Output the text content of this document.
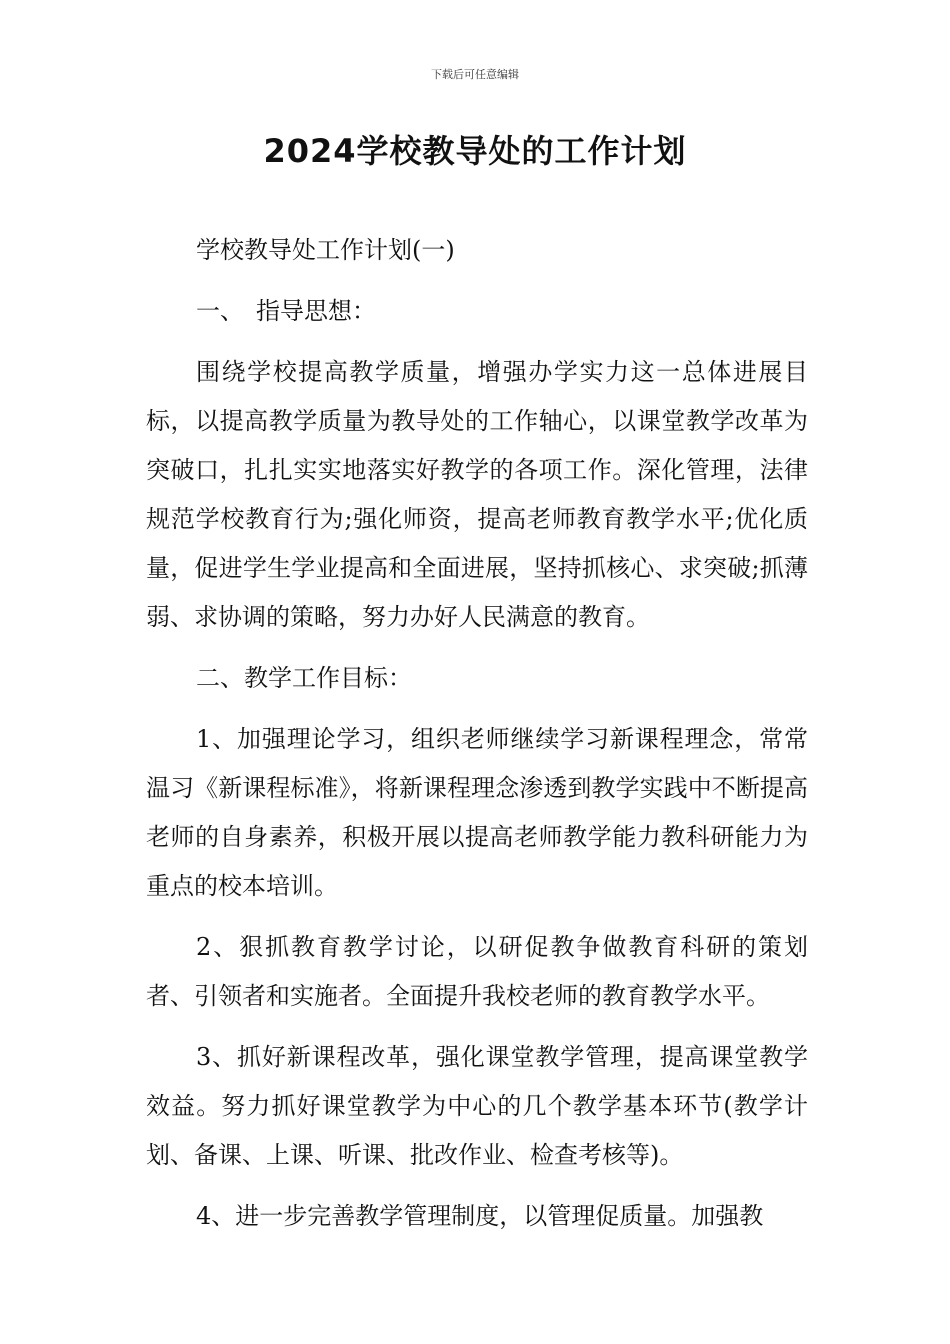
下载后可任意编辑
2024学校教导处的工作计划

学校教导处工作计划(一)

一、　指导思想：

围绕学校提高教学质量，增强办学实力这一总体进展目标，以提高教学质量为教导处的工作轴心，以课堂教学改革为突破口，扎扎实实地落实好教学的各项工作。深化管理，法律规范学校教育行为;强化师资，提高老师教育教学水平;优化质量，促进学生学业提高和全面进展，坚持抓核心、求突破;抓薄弱、求协调的策略，努力办好人民满意的教育。

二、教学工作目标：

1、加强理论学习，组织老师继续学习新课程理念，常常温习《新课程标准》，将新课程理念渗透到教学实践中不断提高老师的自身素养，积极开展以提高老师教学能力教科研能力为重点的校本培训。

2、狠抓教育教学讨论，以研促教争做教育科研的策划者、引领者和实施者。全面提升我校老师的教育教学水平。

3、抓好新课程改革，强化课堂教学管理，提高课堂教学效益。努力抓好课堂教学为中心的几个教学基本环节(教学计划、备课、上课、听课、批改作业、检查考核等)。

4、进一步完善教学管理制度，以管理促质量。加强教
